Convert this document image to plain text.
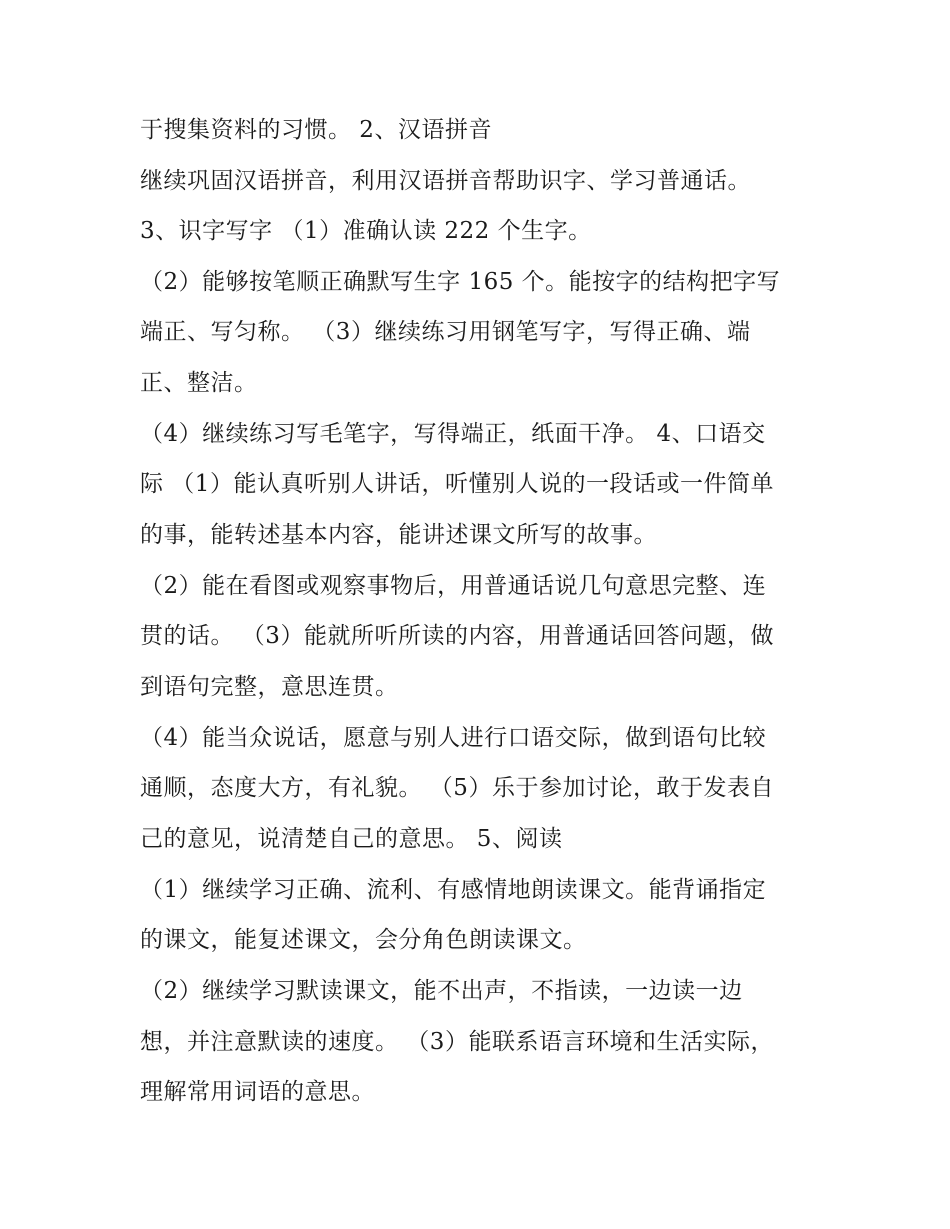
于搜集资料的习惯。 2、汉语拼音
继续巩固汉语拼音，利用汉语拼音帮助识字、学习普通话。
3、识字写字 （1）准确认读 222 个生字。
（2）能够按笔顺正确默写生字 165 个。能按字的结构把字写
端正、写匀称。 （3）继续练习用钢笔写字，写得正确、端
正、整洁。
（4）继续练习写毛笔字，写得端正，纸面干净。 4、口语交
际 （1）能认真听别人讲话，听懂别人说的一段话或一件简单
的事，能转述基本内容，能讲述课文所写的故事。
（2）能在看图或观察事物后，用普通话说几句意思完整、连
贯的话。 （3）能就所听所读的内容，用普通话回答问题，做
到语句完整，意思连贯。
（4）能当众说话，愿意与别人进行口语交际，做到语句比较
通顺，态度大方，有礼貌。 （5）乐于参加讨论，敢于发表自
己的意见，说清楚自己的意思。 5、阅读
（1）继续学习正确、流利、有感情地朗读课文。能背诵指定
的课文，能复述课文，会分角色朗读课文。
（2）继续学习默读课文，能不出声，不指读，一边读一边
想，并注意默读的速度。 （3）能联系语言环境和生活实际，
理解常用词语的意思。
